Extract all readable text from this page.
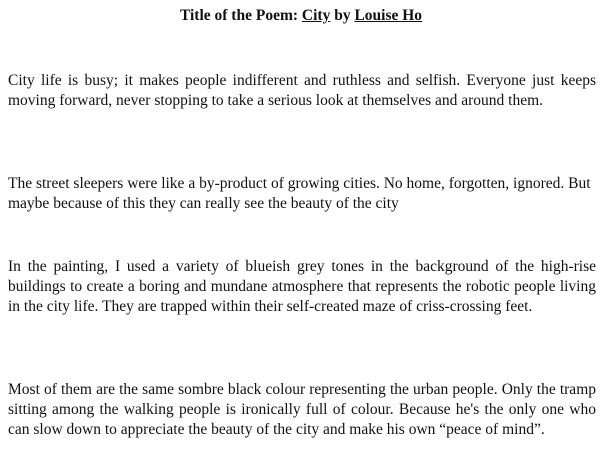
Title of the Poem: City by Louise Ho

City life is busy; it makes people indifferent and ruthless and selfish. Everyone just keeps moving forward, never stopping to take a serious look at themselves and around them.

The street sleepers were like a by-product of growing cities. No home, forgotten, ignored. But maybe because of this they can really see the beauty of the city

In the painting, I used a variety of blueish grey tones in the background of the high-rise buildings to create a boring and mundane atmosphere that represents the robotic people living in the city life. They are trapped within their self-created maze of criss-crossing feet.

Most of them are the same sombre black colour representing the urban people. Only the tramp sitting among the walking people is ironically full of colour. Because he's the only one who can slow down to appreciate the beauty of the city and make his own “peace of mind”.
